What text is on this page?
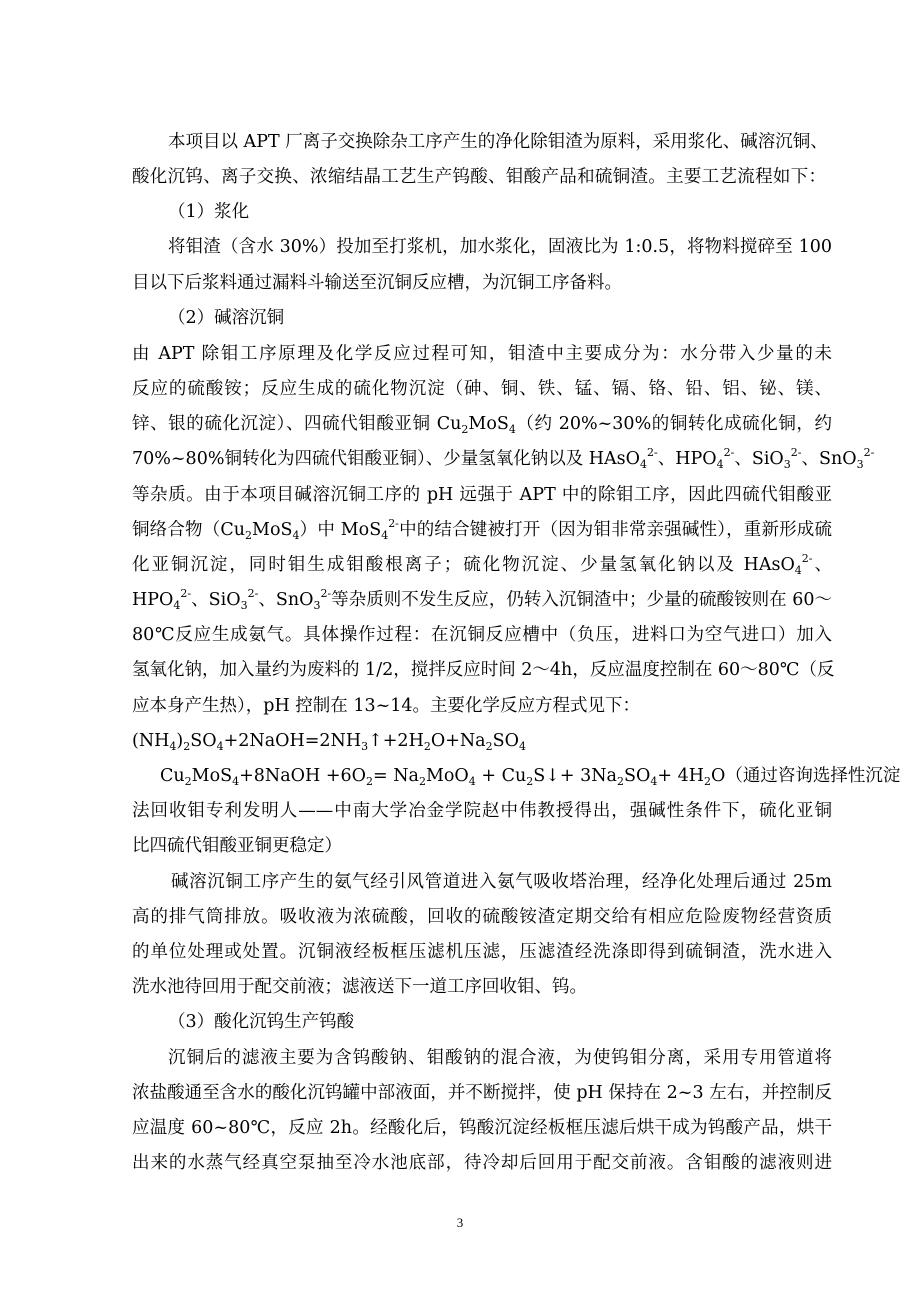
本项目以 APT 厂离子交换除杂工序产生的净化除钼渣为原料，采用浆化、碱溶沉铜、
酸化沉钨、离子交换、浓缩结晶工艺生产钨酸、钼酸产品和硫铜渣。主要工艺流程如下：
（1）浆化
将钼渣（含水 30%）投加至打浆机，加水浆化，固液比为 1:0.5，将物料搅碎至 100
目以下后浆料通过漏料斗输送至沉铜反应槽，为沉铜工序备料。
（2）碱溶沉铜
由 APT 除钼工序原理及化学反应过程可知，钼渣中主要成分为：水分带入少量的未
反应的硫酸铵；反应生成的硫化物沉淀（砷、铜、铁、锰、镉、铬、铅、铝、铋、镁、
锌、银的硫化沉淀）、四硫代钼酸亚铜 $Cu_2MoS_4$（约 20%~30%的铜转化成硫化铜，约
70%~80%铜转化为四硫代钼酸亚铜）、少量氢氧化钠以及 HAsO$_4^{2-}$、$HPO_4^{2-}$、SiO$_3^{2-}$、SnO$_3^{2-}$
等杂质。由于本项目碱溶沉铜工序的 pH 远强于 APT 中的除钼工序，因此四硫代钼酸亚
铜络合物$(Cu_2MoS_4)$中 MoS$_4^{2-}$中的结合键被打开（因为钼非常亲强碱性），重新形成硫
化亚铜沉淀，同时钼生成钼酸根离子；硫化物沉淀、少量氢氧化钠以及 HAsO$_4^{2-}$、
$HPO_4^{2-}$、SiO$_3^{2-}$、SnO$_3^{2-}$等杂质则不发生反应，仍转入沉铜渣中；少量的硫酸铵则在 60～
80℃反应生成氨气。具体操作过程：在沉铜反应槽中（负压，进料口为空气进口）加入
氢氧化钠，加入量约为废料的 1/2，搅拌反应时间 2～4h，反应温度控制在 60～80℃（反
应本身产生热），pH 控制在 13~14。主要化学反应方程式见下：
$(NH_4)_2SO_4+2NaOH=2NH_3↑+2H_2O+Na_2SO_4$
$Cu_2MoS_4+8NaOH +6O_2= Na_2MoO_4$ + $Cu_2S↓+ 3Na_2SO_4+ 4H_2O$（通过咨询选择性沉淀
法回收钼专利发明人——中南大学冶金学院赵中伟教授得出，强碱性条件下，硫化亚铜
比四硫代钼酸亚铜更稳定）
碱溶沉铜工序产生的氨气经引风管道进入氨气吸收塔治理，经净化处理后通过 25m
高的排气筒排放。吸收液为浓硫酸，回收的硫酸铵渣定期交给有相应危险废物经营资质
的单位处理或处置。沉铜液经板框压滤机压滤，压滤渣经洗涤即得到硫铜渣，洗水进入
洗水池待回用于配交前液；滤液送下一道工序回收钼、钨。
（3）酸化沉钨生产钨酸
沉铜后的滤液主要为含钨酸钠、钼酸钠的混合液，为使钨钼分离，采用专用管道将
浓盐酸通至含水的酸化沉钨罐中部液面，并不断搅拌，使 pH 保持在 2~3 左右，并控制反
应温度 60~80℃，反应 2h。经酸化后，钨酸沉淀经板框压滤后烘干成为钨酸产品，烘干
出来的水蒸气经真空泵抽至冷水池底部，待冷却后回用于配交前液。含钼酸的滤液则进
3
